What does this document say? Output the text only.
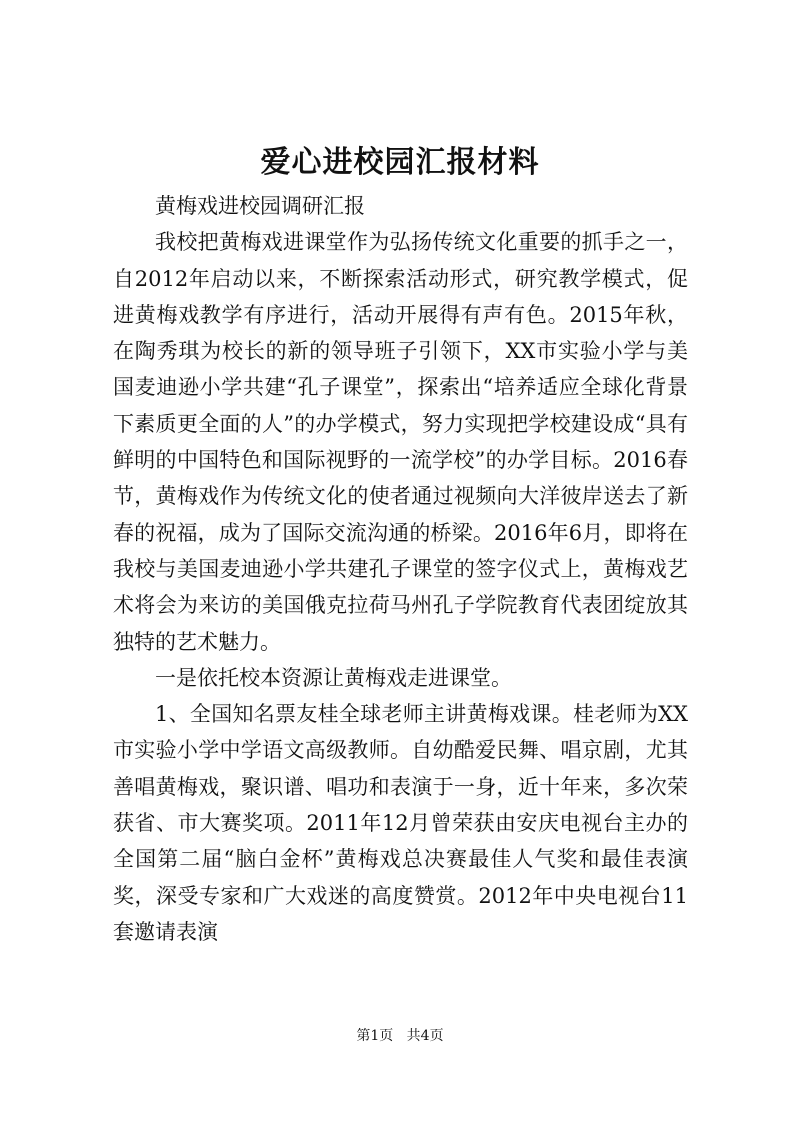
爱心进校园汇报材料

黄梅戏进校园调研汇报

我校把黄梅戏进课堂作为弘扬传统文化重要的抓手之一，自2012年启动以来，不断探索活动形式，研究教学模式，促进黄梅戏教学有序进行，活动开展得有声有色。2015年秋，在陶秀琪为校长的新的领导班子引领下，XX市实验小学与美国麦迪逊小学共建“孔子课堂”，探索出“培养适应全球化背景下素质更全面的人”的办学模式，努力实现把学校建设成“具有鲜明的中国特色和国际视野的一流学校”的办学目标。2016春节，黄梅戏作为传统文化的使者通过视频向大洋彼岸送去了新春的祝福，成为了国际交流沟通的桥梁。2016年6月，即将在我校与美国麦迪逊小学共建孔子课堂的签字仪式上，黄梅戏艺术将会为来访的美国俄克拉荷马州孔子学院教育代表团绽放其独特的艺术魅力。

一是依托校本资源让黄梅戏走进课堂。

1、全国知名票友桂全球老师主讲黄梅戏课。桂老师为XX市实验小学中学语文高级教师。自幼酷爱民舞、唱京剧，尤其善唱黄梅戏，聚识谱、唱功和表演于一身，近十年来，多次荣获省、市大赛奖项。2011年12月曾荣获由安庆电视台主办的全国第二届“脑白金杯”黄梅戏总决赛最佳人气奖和最佳表演奖，深受专家和广大戏迷的高度赞赏。2012年中央电视台11套邀请表演

第1页 共4页
